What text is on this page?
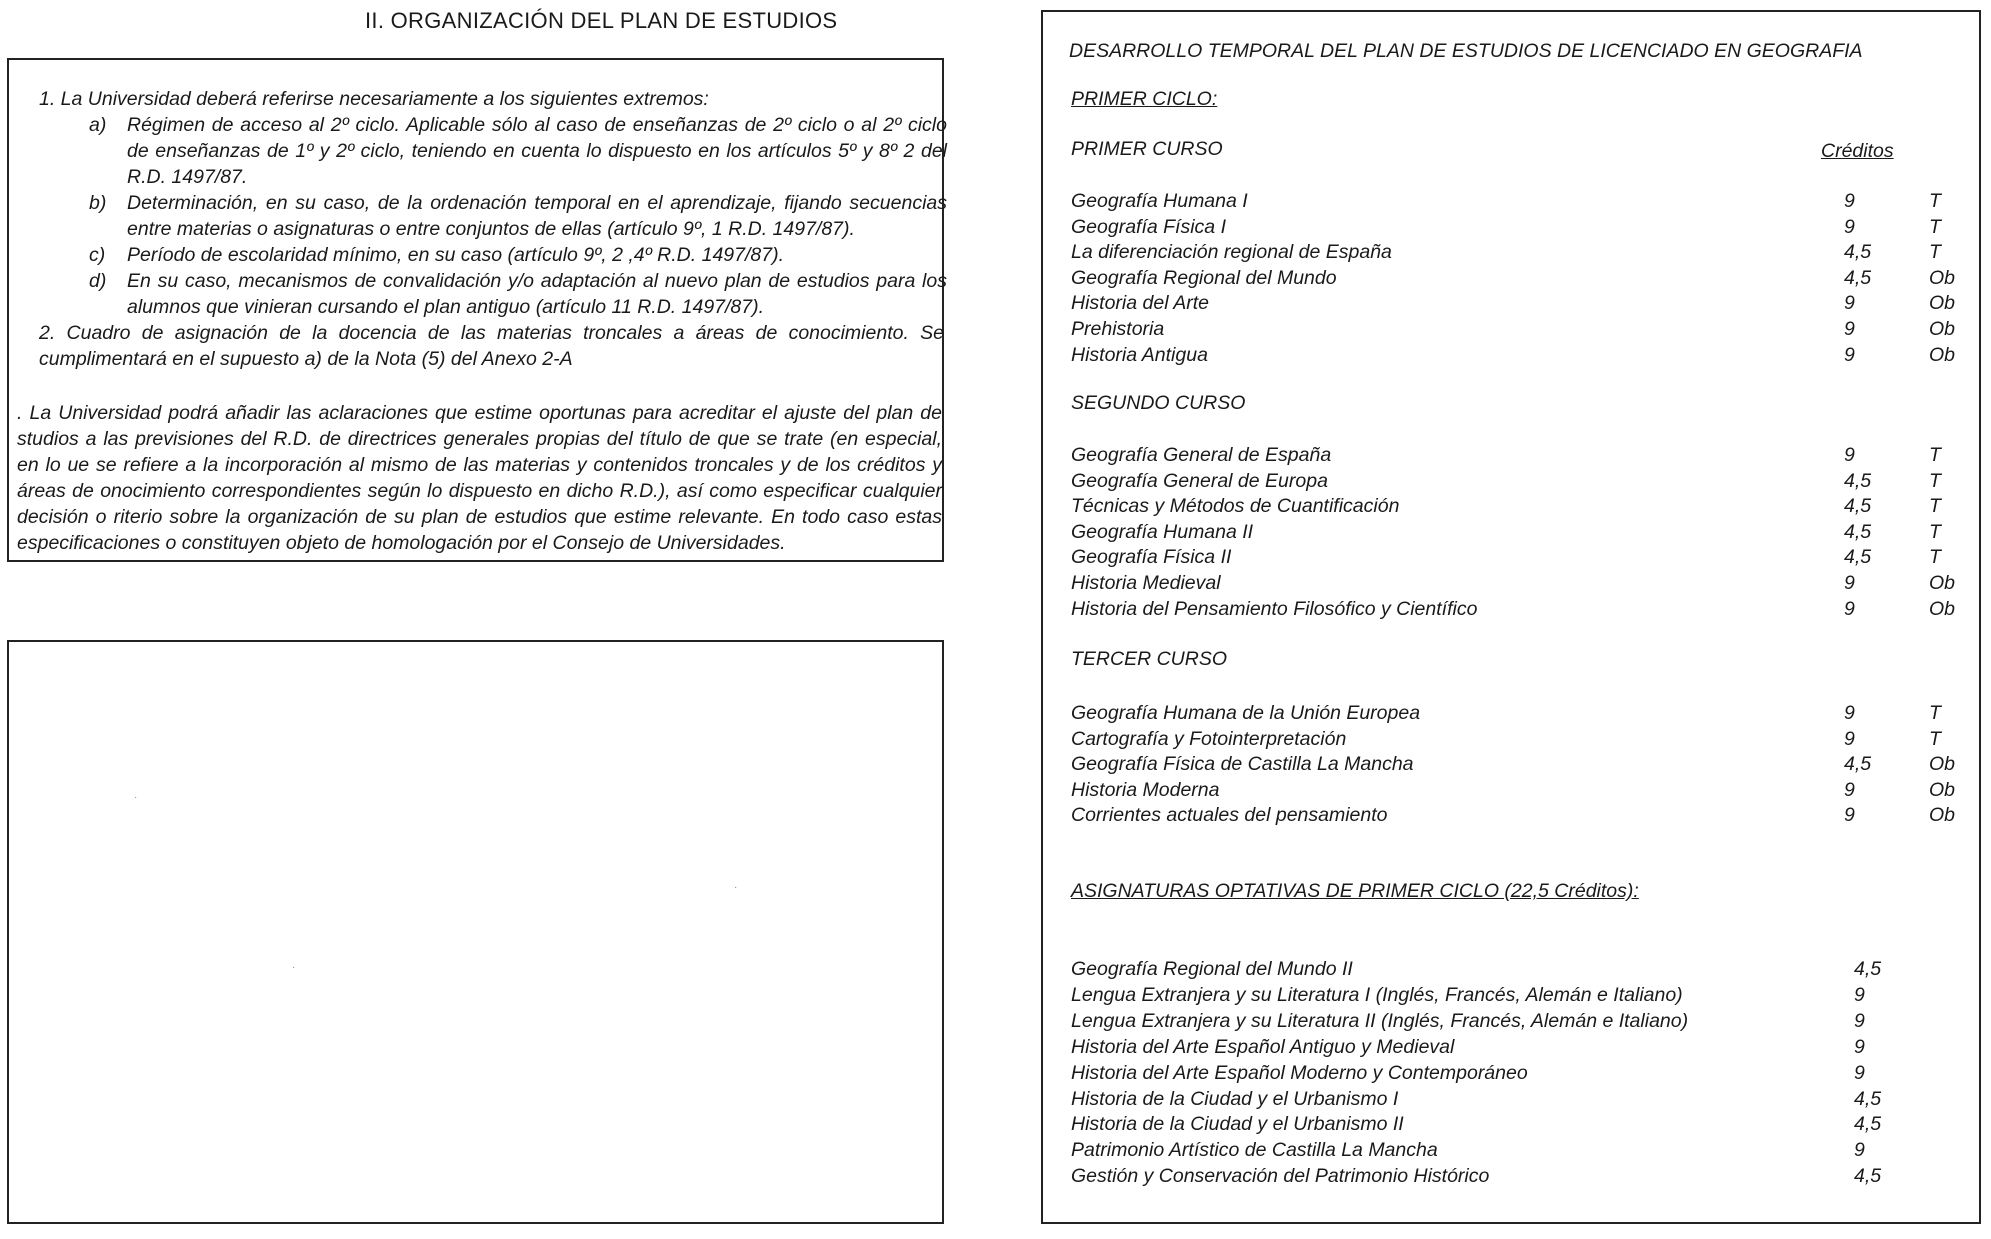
II. ORGANIZACIÓN DEL PLAN DE ESTUDIOS
1. La Universidad deberá referirse necesariamente a los siguientes extremos:
a) Régimen de acceso al 2º ciclo. Aplicable sólo al caso de enseñanzas de 2º ciclo o al 2º ciclo de enseñanzas de 1º y 2º ciclo, teniendo en cuenta lo dispuesto en los artículos 5º y 8º 2 del R.D. 1497/87.
b) Determinación, en su caso, de la ordenación temporal en el aprendizaje, fijando secuencias entre materias o asignaturas o entre conjuntos de ellas (artículo 9º, 1 R.D. 1497/87).
c) Período de escolaridad mínimo, en su caso (artículo 9º, 2 ,4º R.D. 1497/87).
d) En su caso, mecanismos de convalidación y/o adaptación al nuevo plan de estudios para los alumnos que vinieran cursando el plan antiguo (artículo 11 R.D. 1497/87).
2. Cuadro de asignación de la docencia de las materias troncales a áreas de conocimiento. Se cumplimentará en el supuesto a) de la Nota (5) del Anexo 2-A
. La Universidad podrá añadir las aclaraciones que estime oportunas para acreditar el ajuste del plan de studios a las previsiones del R.D. de directrices generales propias del título de que se trate (en especial, en lo ue se refiere a la incorporación al mismo de las materias y contenidos troncales y de los créditos y áreas de onocimiento correspondientes según lo dispuesto en dicho R.D.), así como especificar cualquier decisión o riterio sobre la organización de su plan de estudios que estime relevante. En todo caso estas especificaciones o constituyen objeto de homologación por el Consejo de Universidades.
·
·
·
DESARROLLO TEMPORAL DEL PLAN DE ESTUDIOS DE LICENCIADO EN GEOGRAFIA
PRIMER CICLO:
PRIMER CURSO	Créditos
SEGUNDO CURSO
TERCER CURSO
ASIGNATURAS OPTATIVAS DE PRIMER CICLO (22,5 Créditos):
Geografía Humana I	9	T
Geografía Física I	9	T
La diferenciación regional de España	4,5	T
Geografía Regional del Mundo	4,5	Ob
Historia del Arte	9	Ob
Prehistoria	9	Ob
Historia Antigua	9	Ob
Geografía General de España	9	T
Geografía General de Europa	4,5	T
Técnicas y Métodos de Cuantificación	4,5	T
Geografía Humana II	4,5	T
Geografía Física II	4,5	T
Historia Medieval	9	Ob
Historia del Pensamiento Filosófico y Científico	9	Ob
Geografía Humana de la Unión Europea	9	T
Cartografía y Fotointerpretación	9	T
Geografía Física de Castilla La Mancha	4,5	Ob
Historia Moderna	9	Ob
Corrientes actuales del pensamiento	9	Ob
Geografía Regional del Mundo II	4,5
Lengua Extranjera y su Literatura I (Inglés, Francés, Alemán e Italiano)	9
Lengua Extranjera y su Literatura II (Inglés, Francés, Alemán e Italiano)	9
Historia del Arte Español Antiguo y Medieval	9
Historia del Arte Español Moderno y Contemporáneo	9
Historia de la Ciudad y el Urbanismo I	4,5
Historia de la Ciudad y el Urbanismo II	4,5
Patrimonio Artístico de Castilla La Mancha	9
Gestión y Conservación del Patrimonio Histórico	4,5
